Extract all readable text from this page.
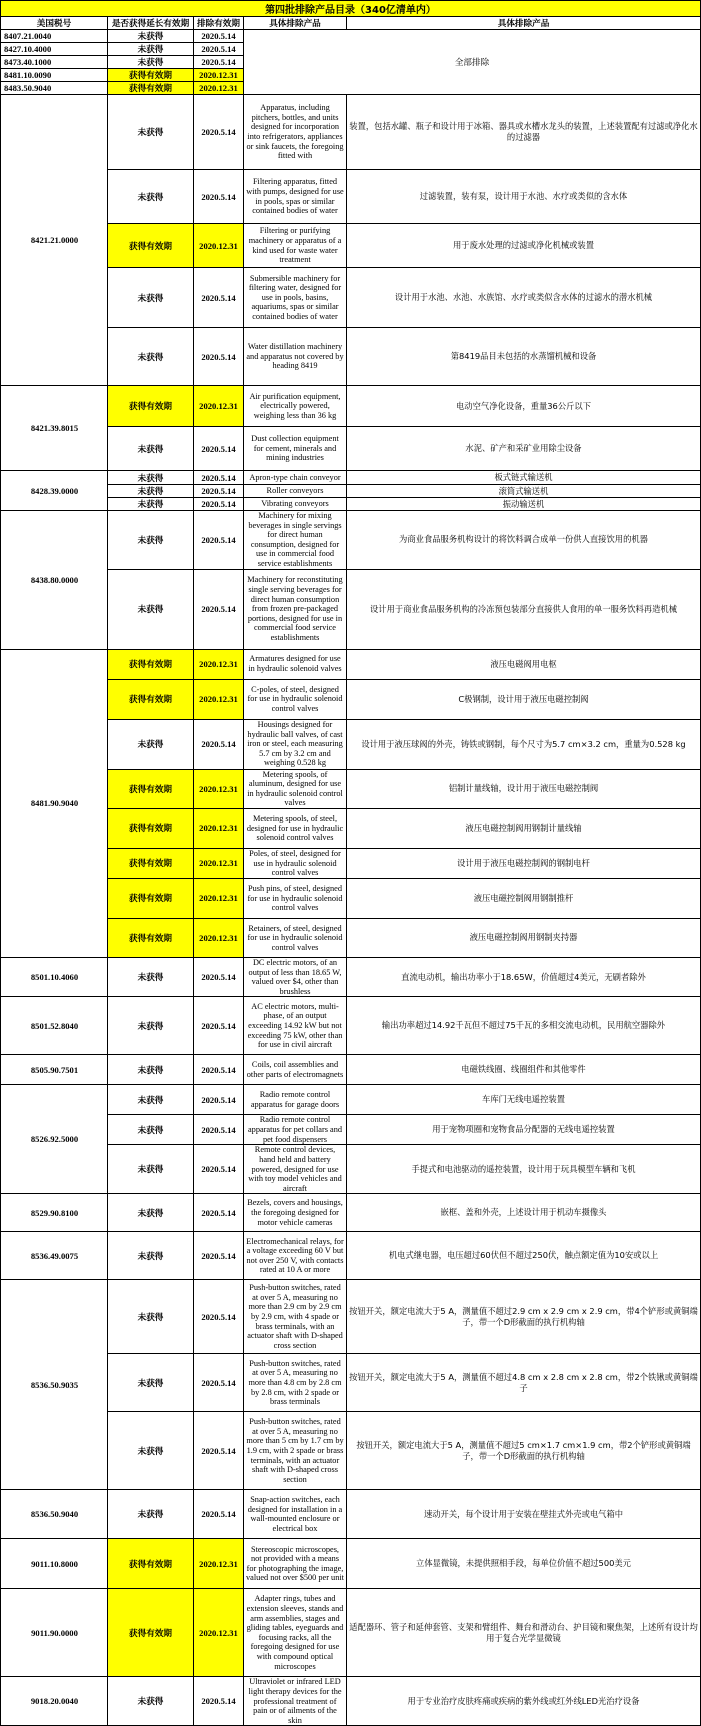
第四批排除产品目录（340亿清单内）				
美国税号	是否获得延长有效期	排除有效期	具体排除产品	具体排除产品
8407.21.0040	未获得	2020.5.14	全部排除	
8427.10.4000	未获得	2020.5.14		
8473.40.1000	未获得	2020.5.14		
8481.10.0090	获得有效期	2020.12.31		
8483.50.9040	获得有效期	2020.12.31		
8421.21.0000	未获得	2020.5.14	Apparatus, including pitchers, bottles, and units designed for incorporation into refrigerators, appliances or sink faucets, the foregoing fitted with	装置，包括水罐、瓶子和设计用于冰箱、器具或水槽水龙头的装置，上述装置配有过滤或净化水的过滤器
	未获得	2020.5.14	Filtering apparatus, fitted with pumps, designed for use in pools, spas or similar contained bodies of water	过滤装置，装有泵，设计用于水池、水疗或类似的含水体
	获得有效期	2020.12.31	Filtering or purifying machinery or apparatus of a kind used for waste water treatment	用于废水处理的过滤或净化机械或装置
	未获得	2020.5.14	Submersible machinery for filtering water, designed for use in pools, basins, aquariums, spas or similar contained bodies of water	设计用于水池、水池、水族馆、水疗或类似含水体的过滤水的潜水机械
	未获得	2020.5.14	Water distillation machinery and apparatus not covered by heading 8419	第8419品目未包括的水蒸馏机械和设备
8421.39.8015	获得有效期	2020.12.31	Air purification equipment, electrically powered, weighing less than 36 kg	电动空气净化设备，重量36公斤以下
	未获得	2020.5.14	Dust collection equipment for cement, minerals and mining industries	水泥、矿产和采矿业用除尘设备
8428.39.0000	未获得	2020.5.14	Apron-type chain conveyor	板式链式输送机
	未获得	2020.5.14	Roller conveyors	滚筒式输送机
	未获得	2020.5.14	Vibrating conveyors	振动输送机
8438.80.0000	未获得	2020.5.14	Machinery for mixing beverages in single servings for direct human consumption, designed for use in commercial food service establishments	为商业食品服务机构设计的将饮料调合成单一份供人直接饮用的机器
	未获得	2020.5.14	Machinery for reconstituting single serving beverages for direct human consumption from frozen pre-packaged portions, designed for use in commercial food service establishments	设计用于商业食品服务机构的冷冻预包装部分直接供人食用的单一服务饮料再造机械
8481.90.9040	获得有效期	2020.12.31	Armatures designed for use in hydraulic solenoid valves	液压电磁阀用电枢
	获得有效期	2020.12.31	C-poles, of steel, designed for use in hydraulic solenoid control valves	C极钢制，设计用于液压电磁控制阀
	未获得	2020.5.14	Housings designed for hydraulic ball valves, of cast iron or steel, each measuring 5.7 cm by 3.2 cm and weighing 0.528 kg	设计用于液压球阀的外壳，铸铁或钢制，每个尺寸为5.7 cm×3.2 cm，重量为0.528 kg
	获得有效期	2020.12.31	Metering spools, of aluminum, designed for use in hydraulic solenoid control valves	铝制计量线轴，设计用于液压电磁控制阀
	获得有效期	2020.12.31	Metering spools, of steel, designed for use in hydraulic solenoid control valves	液压电磁控制阀用钢制计量线轴
	获得有效期	2020.12.31	Poles, of steel, designed for use in hydraulic solenoid control valves	设计用于液压电磁控制阀的钢制电杆
	获得有效期	2020.12.31	Push pins, of steel, designed for use in hydraulic solenoid control valves	液压电磁控制阀用钢制推杆
	获得有效期	2020.12.31	Retainers, of steel, designed for use in hydraulic solenoid control valves	液压电磁控制阀用钢制夹持器
8501.10.4060	未获得	2020.5.14	DC electric motors, of an output of less than 18.65 W, valued over $4, other than brushless	直流电动机，输出功率小于18.65W，价值超过4美元，无刷者除外
8501.52.8040	未获得	2020.5.14	AC electric motors, multi-phase, of an output exceeding 14.92 kW but not exceeding 75 kW, other than for use in civil aircraft	输出功率超过14.92千瓦但不超过75千瓦的多相交流电动机，民用航空器除外
8505.90.7501	未获得	2020.5.14	Coils, coil assemblies and other parts of electromagnets	电磁铁线圈、线圈组件和其他零件
8526.92.5000	未获得	2020.5.14	Radio remote control apparatus for garage doors	车库门无线电遥控装置
	未获得	2020.5.14	Radio remote control apparatus for pet collars and pet food dispensers	用于宠物项圈和宠物食品分配器的无线电遥控装置
	未获得	2020.5.14	Remote control devices, hand held and battery powered, designed for use with toy model vehicles and aircraft	手提式和电池驱动的遥控装置，设计用于玩具模型车辆和飞机
8529.90.8100	未获得	2020.5.14	Bezels, covers and housings, the foregoing designed for motor vehicle cameras	嵌框、盖和外壳，上述设计用于机动车摄像头
8536.49.0075	未获得	2020.5.14	Electromechanical relays, for a voltage exceeding 60 V but not over 250 V, with contacts rated at 10 A or more	机电式继电器，电压超过60伏但不超过250伏，触点额定值为10安或以上
8536.50.9035	未获得	2020.5.14	Push-button switches, rated at over 5 A, measuring no more than 2.9 cm by 2.9 cm by 2.9 cm, with 4 spade or brass terminals, with an actuator shaft with D-shaped cross section	按钮开关，额定电流大于5 A，测量值不超过2.9 cm x 2.9 cm x 2.9 cm，带4个铲形或黄铜端子，带一个D形截面的执行机构轴
	未获得	2020.5.14	Push-button switches, rated at over 5 A, measuring no more than 4.8 cm by 2.8 cm by 2.8 cm, with 2 spade or brass terminals	按钮开关，额定电流大于5 A，测量值不超过4.8 cm x 2.8 cm x 2.8 cm，带2个铁锹或黄铜端子
	未获得	2020.5.14	Push-button switches, rated at over 5 A, measuring no more than 5 cm by 1.7 cm by 1.9 cm, with 2 spade or brass terminals, with an actuator shaft with D-shaped cross section	按钮开关，额定电流大于5 A，测量值不超过5 cm×1.7 cm×1.9 cm，带2个铲形或黄铜端子，带一个D形截面的执行机构轴
8536.50.9040	未获得	2020.5.14	Snap-action switches, each designed for installation in a wall-mounted enclosure or electrical box	速动开关，每个设计用于安装在壁挂式外壳或电气箱中
9011.10.8000	获得有效期	2020.12.31	Stereoscopic microscopes, not provided with a means for photographing the image, valued not over $500 per unit	立体显微镜，未提供照相手段，每单位价值不超过500美元
9011.90.0000	获得有效期	2020.12.31	Adapter rings, tubes and extension sleeves, stands and arm assemblies, stages and gliding tables, eyeguards and focusing racks, all the foregoing designed for use with compound optical microscopes	适配器环、管子和延伸套管、支架和臂组件、舞台和滑动台、护目镜和聚焦架，上述所有设计均用于复合光学显微镜
9018.20.0040	未获得	2020.5.14	Ultraviolet or infrared LED light therapy devices for the professional treatment of pain or of ailments of the skin	用于专业治疗皮肤疼痛或疾病的紫外线或红外线LED光治疗设备
